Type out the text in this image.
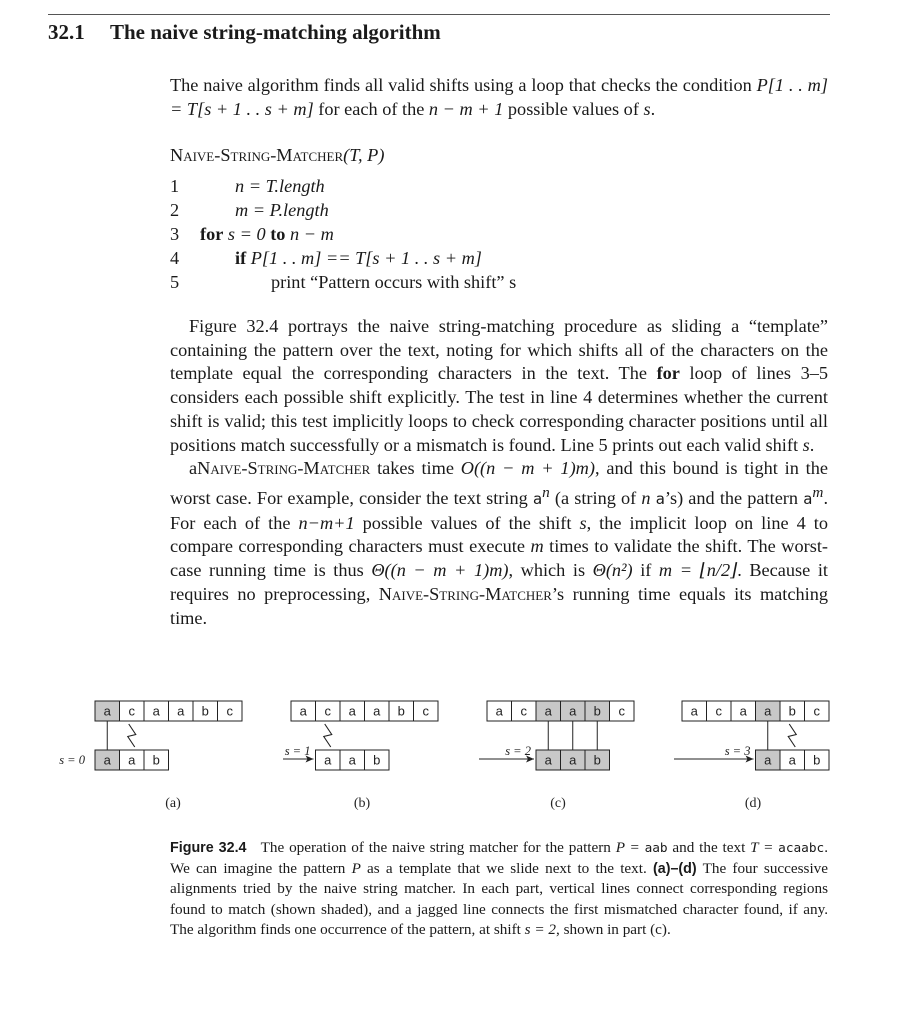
32.1 The naive string-matching algorithm

The naive algorithm finds all valid shifts using a loop that checks the condition P[1 . . m] = T[s + 1 . . s + m] for each of the n − m + 1 possible values of s.

Naive-String-Matcher(T, P)
1	n = T.length
2	m = P.length
3 for s = 0 to n − m
4	if P[1 . . m] == T[s + 1 . . s + m]
5	print “Pattern occurs with shift” s

Figure 32.4 portrays the naive string-matching procedure as sliding a “template” containing the pattern over the text, noting for which shifts all of the characters on the template equal the corresponding characters in the text. The for loop of lines 3–5 considers each possible shift explicitly. The test in line 4 determines whether the current shift is valid; this test implicitly loops to check corresponding character positions until all positions match successfully or a mismatch is found. Line 5 prints out each valid shift s.

aNaive-String-Matcher takes time O((n − m + 1)m), and this bound is tight in the worst case. For example, consider the text string $a^n$ (a string of n a’s) and the pattern $a^m$. For each of the n−m+1 possible values of the shift s, the implicit loop on line 4 to compare corresponding characters must execute m times to validate the shift. The worst-case running time is thus Θ((n − m + 1)m), which is Θ(n²) if m = ⌊n/2⌋. Because it requires no preprocessing, Naive-String-Matcher’s running time equals its matching time.

a c a a b c
a a b
s = 0
(a)
a c a a b c
a a b
s = 1
(b)
a c a a b c
a a b
s = 2
(c)
a c a a b c
a a b
s = 3
(d)
Figure 32.4 The operation of the naive string matcher for the pattern P = aab and the text T = acaabc. We can imagine the pattern P as a template that we slide next to the text. (a)–(d) The four successive alignments tried by the naive string matcher. In each part, vertical lines connect corresponding regions found to match (shown shaded), and a jagged line connects the first mismatched character found, if any. The algorithm finds one occurrence of the pattern, at shift s = 2, shown in part (c).
